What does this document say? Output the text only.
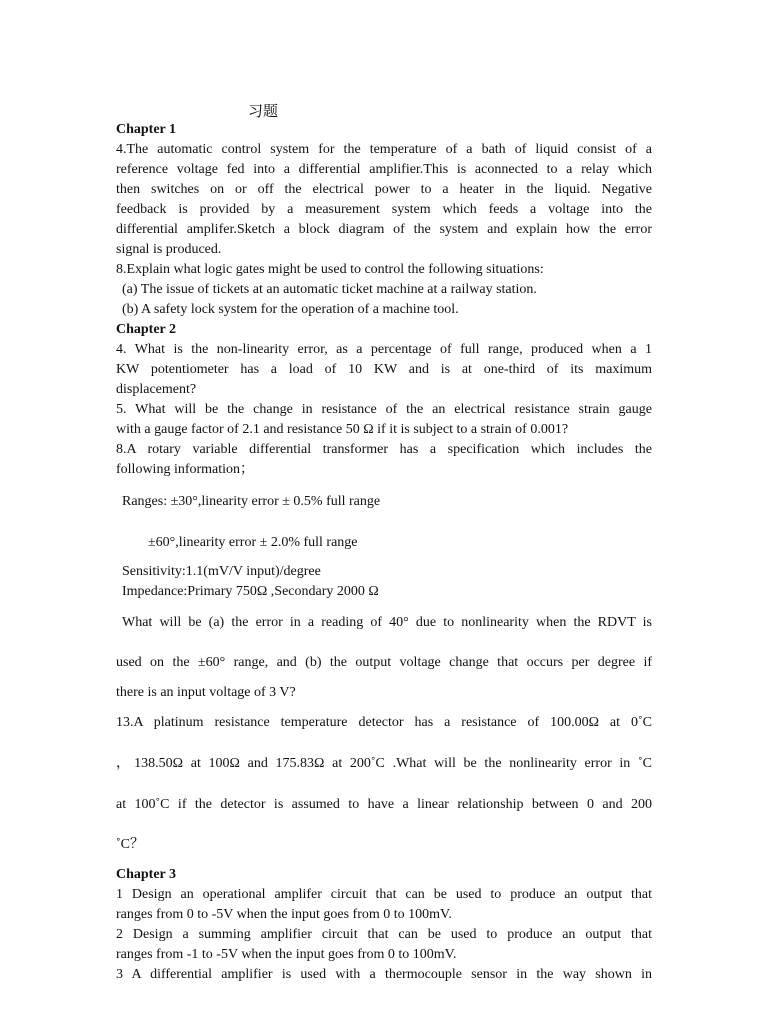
习题
Chapter 1
4.The automatic control system for the temperature of a bath of liquid consist of a
reference voltage fed into a differential amplifier.This is aconnected to a relay which
then switches on or off the electrical power to a heater in the liquid. Negative
feedback is provided by a measurement system which feeds a voltage into the
differential amplifer.Sketch a block diagram of the system and explain how the error
signal is produced.
8.Explain what logic gates might be used to control the following situations:
(a) The issue of tickets at an automatic ticket machine at a railway station.
(b) A safety lock system for the operation of a machine tool.
Chapter 2
4. What is the non-linearity error, as a percentage of full range, produced when a 1
KW potentiometer has a load of 10 KW and is at one-third of its maximum
displacement?
5. What will be the change in resistance of the an electrical resistance strain gauge
with a gauge factor of 2.1 and resistance 50 Ω if it is subject to a strain of 0.001?
8.A rotary variable differential transformer has a specification which includes the
following information；
Ranges: ±30°,linearity error ± 0.5% full range
±60°,linearity error ± 2.0% full range
Sensitivity:1.1(mV/V input)/degree
Impedance:Primary 750Ω ,Secondary 2000 Ω
What will be (a) the error in a reading of 40° due to nonlinearity when the RDVT is
used on the ±60° range, and (b) the output voltage change that occurs per degree if
there is an input voltage of 3 V?
13.A platinum resistance temperature detector has a resistance of 100.00Ω at 0˚C
，138.50Ω at 100Ω and 175.83Ω at 200˚C .What will be the nonlinearity error in ˚C
at 100˚C if the detector is assumed to have a linear relationship between 0 and 200
˚C？
Chapter 3
1 Design an operational amplifer circuit that can be used to produce an output that
ranges from 0 to -5V when the input goes from 0 to 100mV.
2 Design a summing amplifier circuit that can be used to produce an output that
ranges from -1 to -5V when the input goes from 0 to 100mV.
3 A differential amplifier is used with a thermocouple sensor in the way shown in
